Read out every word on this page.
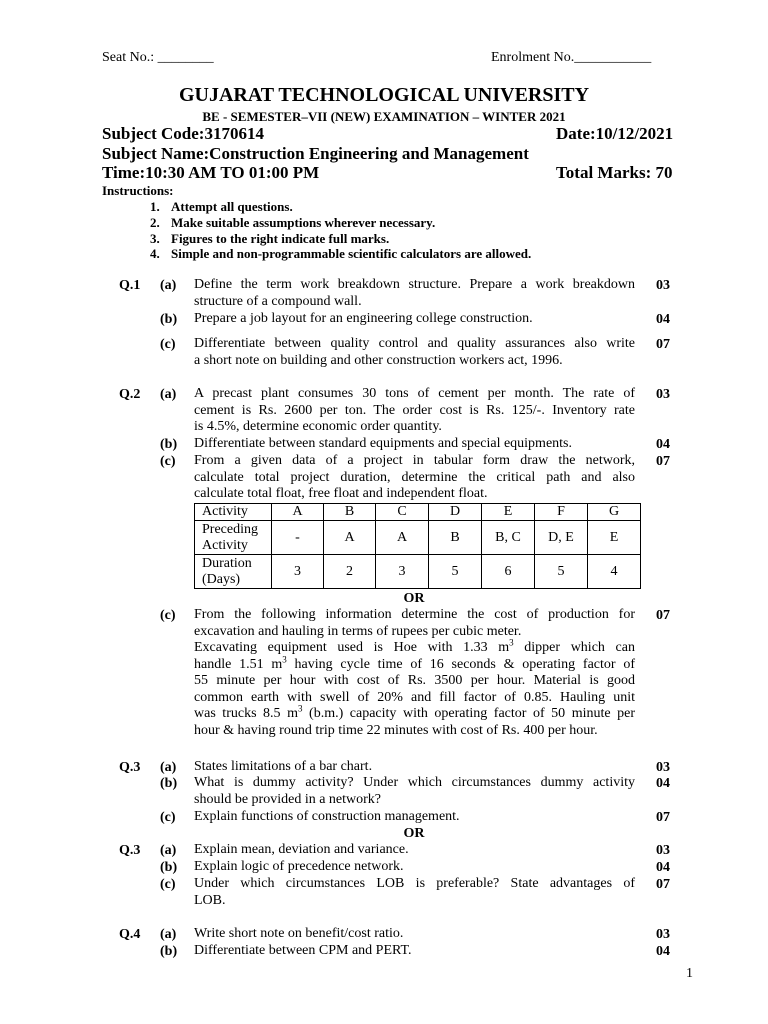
Seat No.: ________	Enrolment No.___________
GUJARAT TECHNOLOGICAL UNIVERSITY
BE - SEMESTER–VII (NEW) EXAMINATION – WINTER 2021
Subject Code:3170614	Date:10/12/2021
Subject Name:Construction Engineering and Management
Time:10:30 AM TO 01:00 PM	Total Marks: 70
Instructions:
1. Attempt all questions.
2. Make suitable assumptions wherever necessary.
3. Figures to the right indicate full marks.
4. Simple and non-programmable scientific calculators are allowed.
Q.1 (a) Define the term work breakdown structure. Prepare a work breakdown
structure of a compound wall.
03
(b) Prepare a job layout for an engineering college construction.	04
(c) Differentiate between quality control and quality assurances also write
a short note on building and other construction workers act, 1996.
07
Q.2 (a) A precast plant consumes 30 tons of cement per month. The rate of
cement is Rs. 2600 per ton. The order cost is Rs. 125/-. Inventory rate
is 4.5%, determine economic order quantity.
03
(b) Differentiate between standard equipments and special equipments.	04
(c) From a given data of a project in tabular form draw the network,
calculate total project duration, determine the critical path and also
calculate total float, free float and independent float.
07
Activity	A	B	C	D	E	F	G
Preceding
Activity	-	A	A	B	B, C	D, E	E
Duration
(Days)	3	2	3	5	6	5	4
OR
(c) From the following information determine the cost of production for
excavation and hauling in terms of rupees per cubic meter.
Excavating equipment used is Hoe with 1.33 $m^3$ dipper which can
handle 1.51 $m^3$ having cycle time of 16 seconds & operating factor of
55 minute per hour with cost of Rs. 3500 per hour. Material is good
common earth with swell of 20% and fill factor of 0.85. Hauling unit
was trucks 8.5 $m^3$ (b.m.) capacity with operating factor of 50 minute per
hour & having round trip time 22 minutes with cost of Rs. 400 per hour.
07
Q.3 (a) States limitations of a bar chart.	03
(b) What is dummy activity? Under which circumstances dummy activity
should be provided in a network?
04
(c) Explain functions of construction management.	07
OR
Q.3 (a) Explain mean, deviation and variance.	03
(b) Explain logic of precedence network.	04
(c) Under which circumstances LOB is preferable? State advantages of
LOB.
07
Q.4 (a) Write short note on benefit/cost ratio.	03
(b) Differentiate between CPM and PERT.	04
1
